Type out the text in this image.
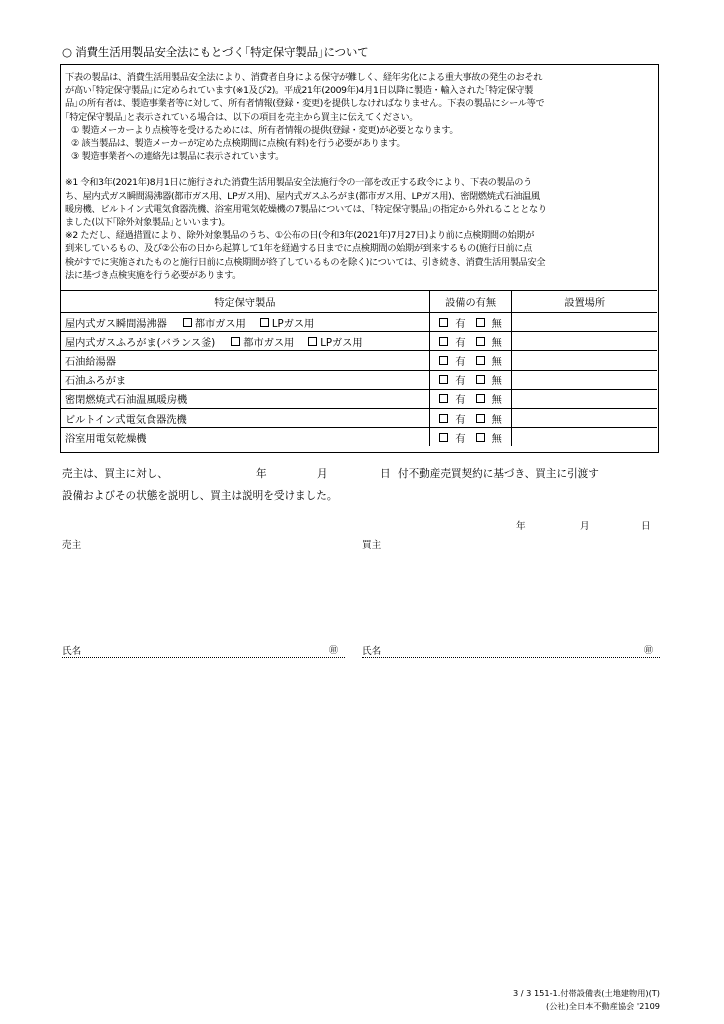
○ 消費生活用製品安全法にもとづく｢特定保守製品｣について

下表の製品は、消費生活用製品安全法により、消費者自身による保守が難しく、経年劣化による重大事故の発生のおそれ

が高い｢特定保守製品｣に定められています(※1及び2)。平成21年(2009年)4月1日以降に製造・輸入された｢特定保守製

品｣の所有者は、製造事業者等に対して、所有者情報(登録・変更)を提供しなければなりません。下表の製品にシール等で

｢特定保守製品｣と表示されている場合は、以下の項目を売主から買主に伝えてください。

① 製造メーカーより点検等を受けるためには、所有者情報の提供(登録・変更)が必要となります。

② 該当製品は、製造メーカーが定めた点検期間に点検(有料)を行う必要があります。

③ 製造事業者への連絡先は製品に表示されています。

※1 令和3年(2021年)8月1日に施行された消費生活用製品安全法施行令の一部を改正する政令により、下表の製品のう

ち、屋内式ガス瞬間湯沸器(都市ガス用、LPガス用)、屋内式ガスふろがま(都市ガス用、LPガス用)、密閉燃焼式石油温風

暖房機、ビルトイン式電気食器洗機、浴室用電気乾燥機の7製品については、｢特定保守製品｣の指定から外れることとなり

ました(以下｢除外対象製品｣といいます)。

※2 ただし、経過措置により、除外対象製品のうち、①公布の日(令和3年(2021年)7月27日)より前に点検期間の始期が

到来しているもの、及び②公布の日から起算して1年を経過する日までに点検期間の始期が到来するもの(施行日前に点

検がすでに実施されたものと施行日前に点検期間が終了しているものを除く)については、引き続き、消費生活用製品安全

法に基づき点検実施を行う必要があります。

特定保守製品	設備の有無	設置場所
屋内式ガス瞬間湯沸器 都市ガス用 LPガス用	有 無	
屋内式ガスふろがま(バランス釜) 都市ガス用 LPガス用	有 無	
石油給湯器	有 無	
石油ふろがま	有 無	
密閉燃焼式石油温風暖房機	有 無	
ビルトイン式電気食器洗機	有 無	
浴室用電気乾燥機	有 無	
売主は、買主に対し、	年	月	日 付不動産売買契約に基づき、買主に引渡す
設備およびその状態を説明し、買主は説明を受けました。
年	月	日
売主	買主
氏名	㊞ 氏名	㊞
3 / 3 151-1.付帯設備表(土地建物用)(T)
(公社)全日本不動産協会 '2109
